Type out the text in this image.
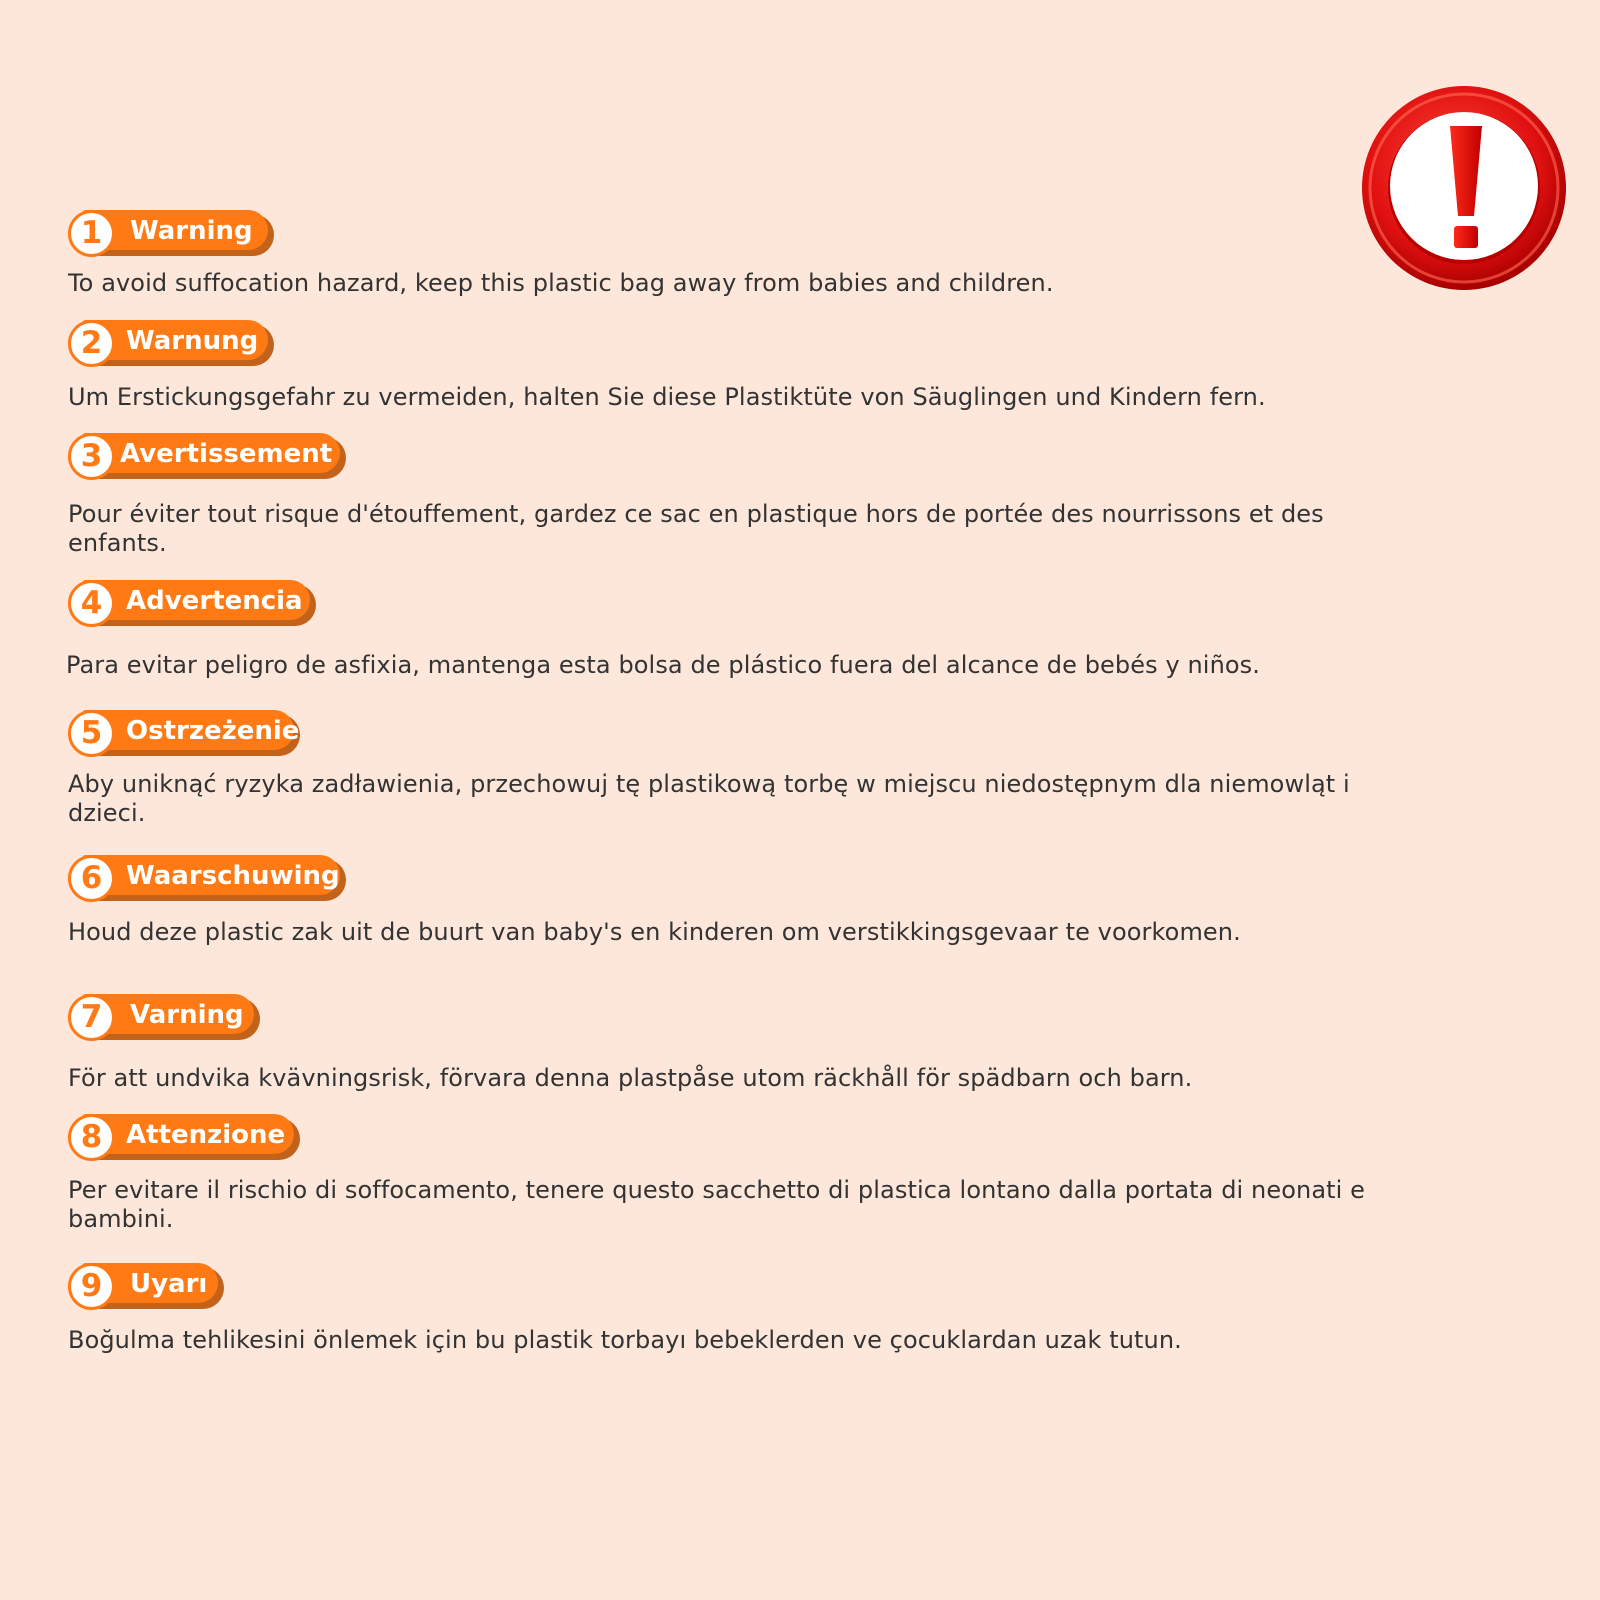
1	Warning

To avoid suffocation hazard, keep this plastic bag away from babies and children.

2 Warnung

Um Erstickungsgefahr zu vermeiden, halten Sie diese Plastiktüte von Säuglingen und Kindern fern.

3 Avertissement

Pour éviter tout risque d'étouffement, gardez ce sac en plastique hors de portée des nourrissons et des enfants.

4 Advertencia

Para evitar peligro de asfixia, mantenga esta bolsa de plástico fuera del alcance de bebés y niños.

5 Ostrzeżenie

Aby uniknąć ryzyka zadławienia, przechowuj tę plastikową torbę w miejscu niedostępnym dla niemowląt i dzieci.

6 Waarschuwing

Houd deze plastic zak uit de buurt van baby's en kinderen om verstikkingsgevaar te voorkomen.

7	Varning

För att undvika kvävningsrisk, förvara denna plastpåse utom räckhåll för spädbarn och barn.

8 Attenzione

Per evitare il rischio di soffocamento, tenere questo sacchetto di plastica lontano dalla portata di neonati e bambini.

9	Uyarı

Boğulma tehlikesini önlemek için bu plastik torbayı bebeklerden ve çocuklardan uzak tutun.
